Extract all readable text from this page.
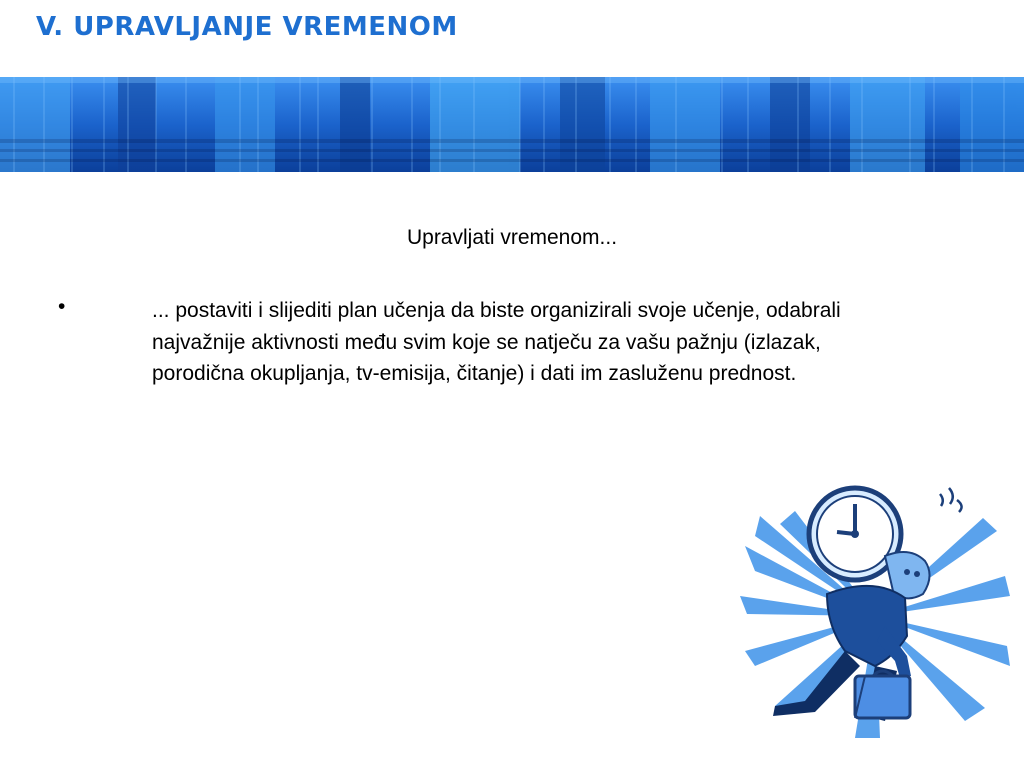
V. UPRAVLJANJE VREMENOM
Upravljati vremenom...
•	... postaviti i slijediti plan učenja da biste organizirali svoje učenje, odabrali najvažnije aktivnosti među svim koje se natječu za vašu pažnju (izlazak, porodična okupljanja, tv-emisija, čitanje) i dati im zasluženu prednost.
